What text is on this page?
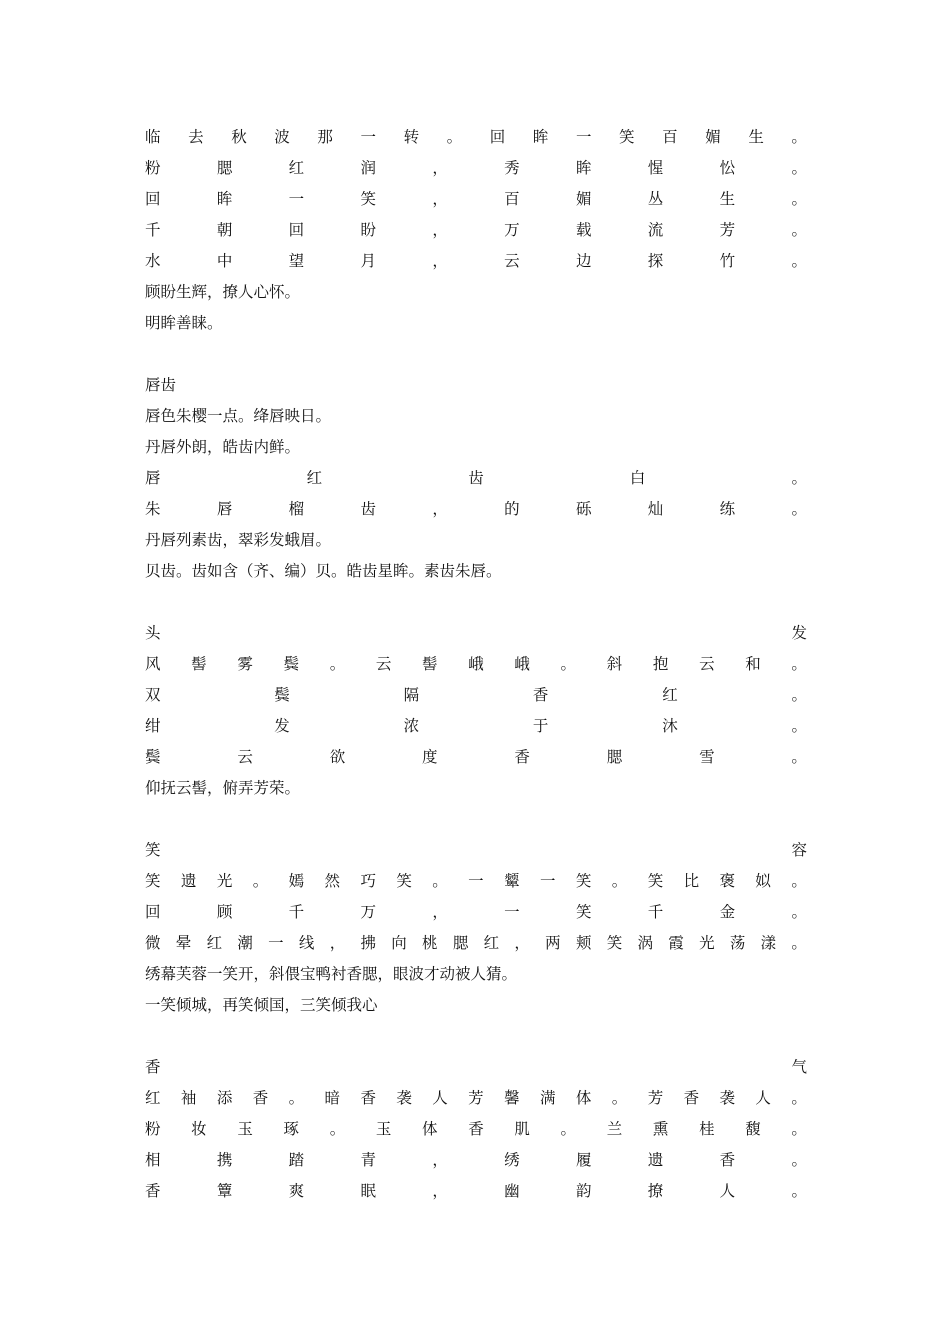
临 去 秋 波 那 一 转 。 回 眸 一 笑 百 媚 生 。
粉	腮	红	润	，	秀	眸	惺	忪	。
回	眸	一	笑	，	百	媚	丛	生	。
千	朝	回	盼	，	万	载	流	芳	。
水	中	望	月	，	云	边	探	竹	。
顾盼生辉，撩人心怀。
明眸善睐。
唇齿
唇色朱樱一点。绛唇映日。
丹唇外朗，皓齿内鲜。
唇	红	齿	白	。
朱	唇	榴	齿	，	的	砾	灿	练	。
丹唇列素齿，翠彩发蛾眉。
贝齿。齿如含（齐、编）贝。皓齿星眸。素齿朱唇。
头	发
风 髻 雾 鬓 。 云 髻 峨 峨 。 斜 抱 云 和 。
双	鬓	隔	香	红	。
绀	发	浓	于	沐	。
鬓	云	欲	度	香	腮	雪	。
仰抚云髻，俯弄芳荣。
笑	容
笑 遗 光 。 嫣 然 巧 笑 。 一 颦 一 笑 。 笑 比 褒 姒 。
回	顾	千	万	，	一	笑	千	金	。
微 晕 红 潮 一 线 ， 拂 向 桃 腮 红 ， 两 颊 笑 涡 霞 光 荡 漾 。
绣幕芙蓉一笑开，斜偎宝鸭衬香腮，眼波才动被人猜。
一笑倾城，再笑倾国，三笑倾我心
香	气
红 袖 添 香 。 暗 香 袭 人 芳 馨 满 体 。 芳 香 袭 人 。
粉 妆 玉 琢 。 玉 体 香 肌 。 兰 熏 桂 馥 。
相	携	踏	青	，	绣	履	遗	香	。
香	簟	爽	眠	，	幽	韵	撩	人	。
